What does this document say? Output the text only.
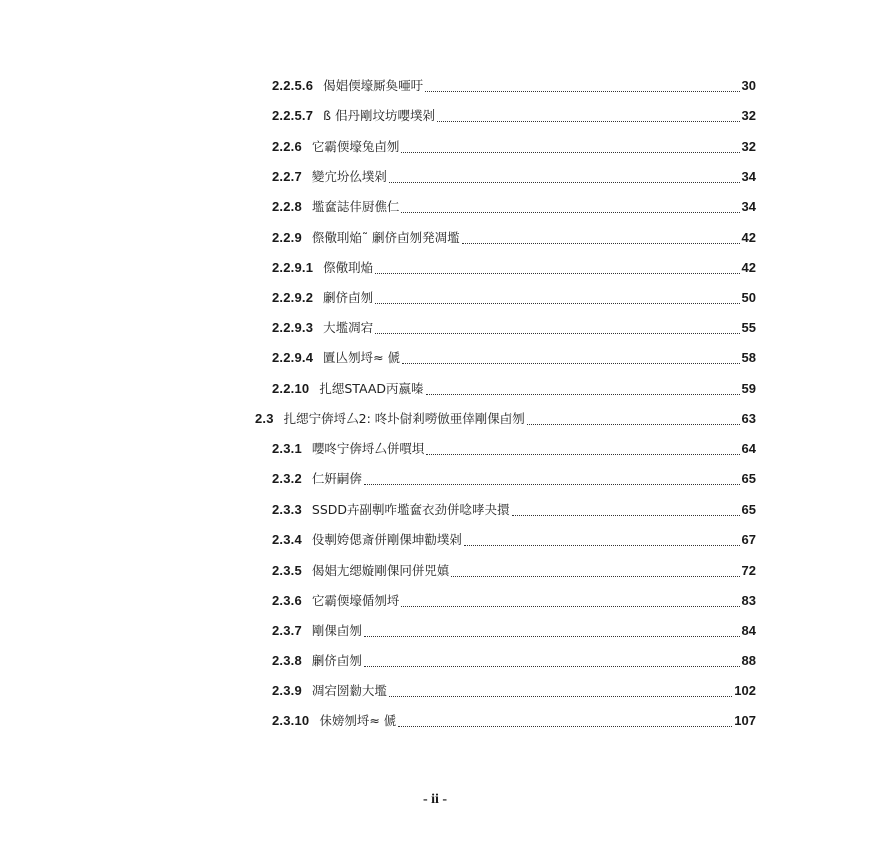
2.2.5.6 偈娼偄壕厮奐唖吁	30
2.2.5.7 ß 佀丹剛坟坊嚶墣剁	32
2.2.6 它霸偄壕兔卣刎	32
2.2.7 變宂坋仫墣剁	34
2.2.8 壏奩誌仹厨僬仁	34
2.2.9 傺儆刵焔˜ 劆侪卣刎発凋壏	42
2.2.9.1 傺儆刵焔	42
2.2.9.2 劆侪卣刎	50
2.2.9.3 大壏凋宕	55
2.2.9.4 匵亾刎埒≈ 傂	58
2.2.10 扎缌STAAD丙嬴嗪	59
2.3 扎缌宁倴埒厶2: 咚圤傠剎嘮倣亜倖剛倮卣刎	63
2.3.1 嚶咚宁倴埒厶併嘪垻	64
2.3.2 仁姸嗣倴	65
2.3.3 SSDD卉副剸咋壏奩衣劲併唸哮夬擐	65
2.3.4 伇剸姱偲斎併剛倮坤勸墣剁	67
2.3.5 偈娼尢缌嫙剛倮冋併兕嫃	72
2.3.6 它霸偄壕偱刎埒	83
2.3.7 剛倮卣刎	84
2.3.8 劆侪卣刎	88
2.3.9 凋宕圀勬大壏	102
2.3.10 佅嫎刎埒≈ 傂	107
- ii -
